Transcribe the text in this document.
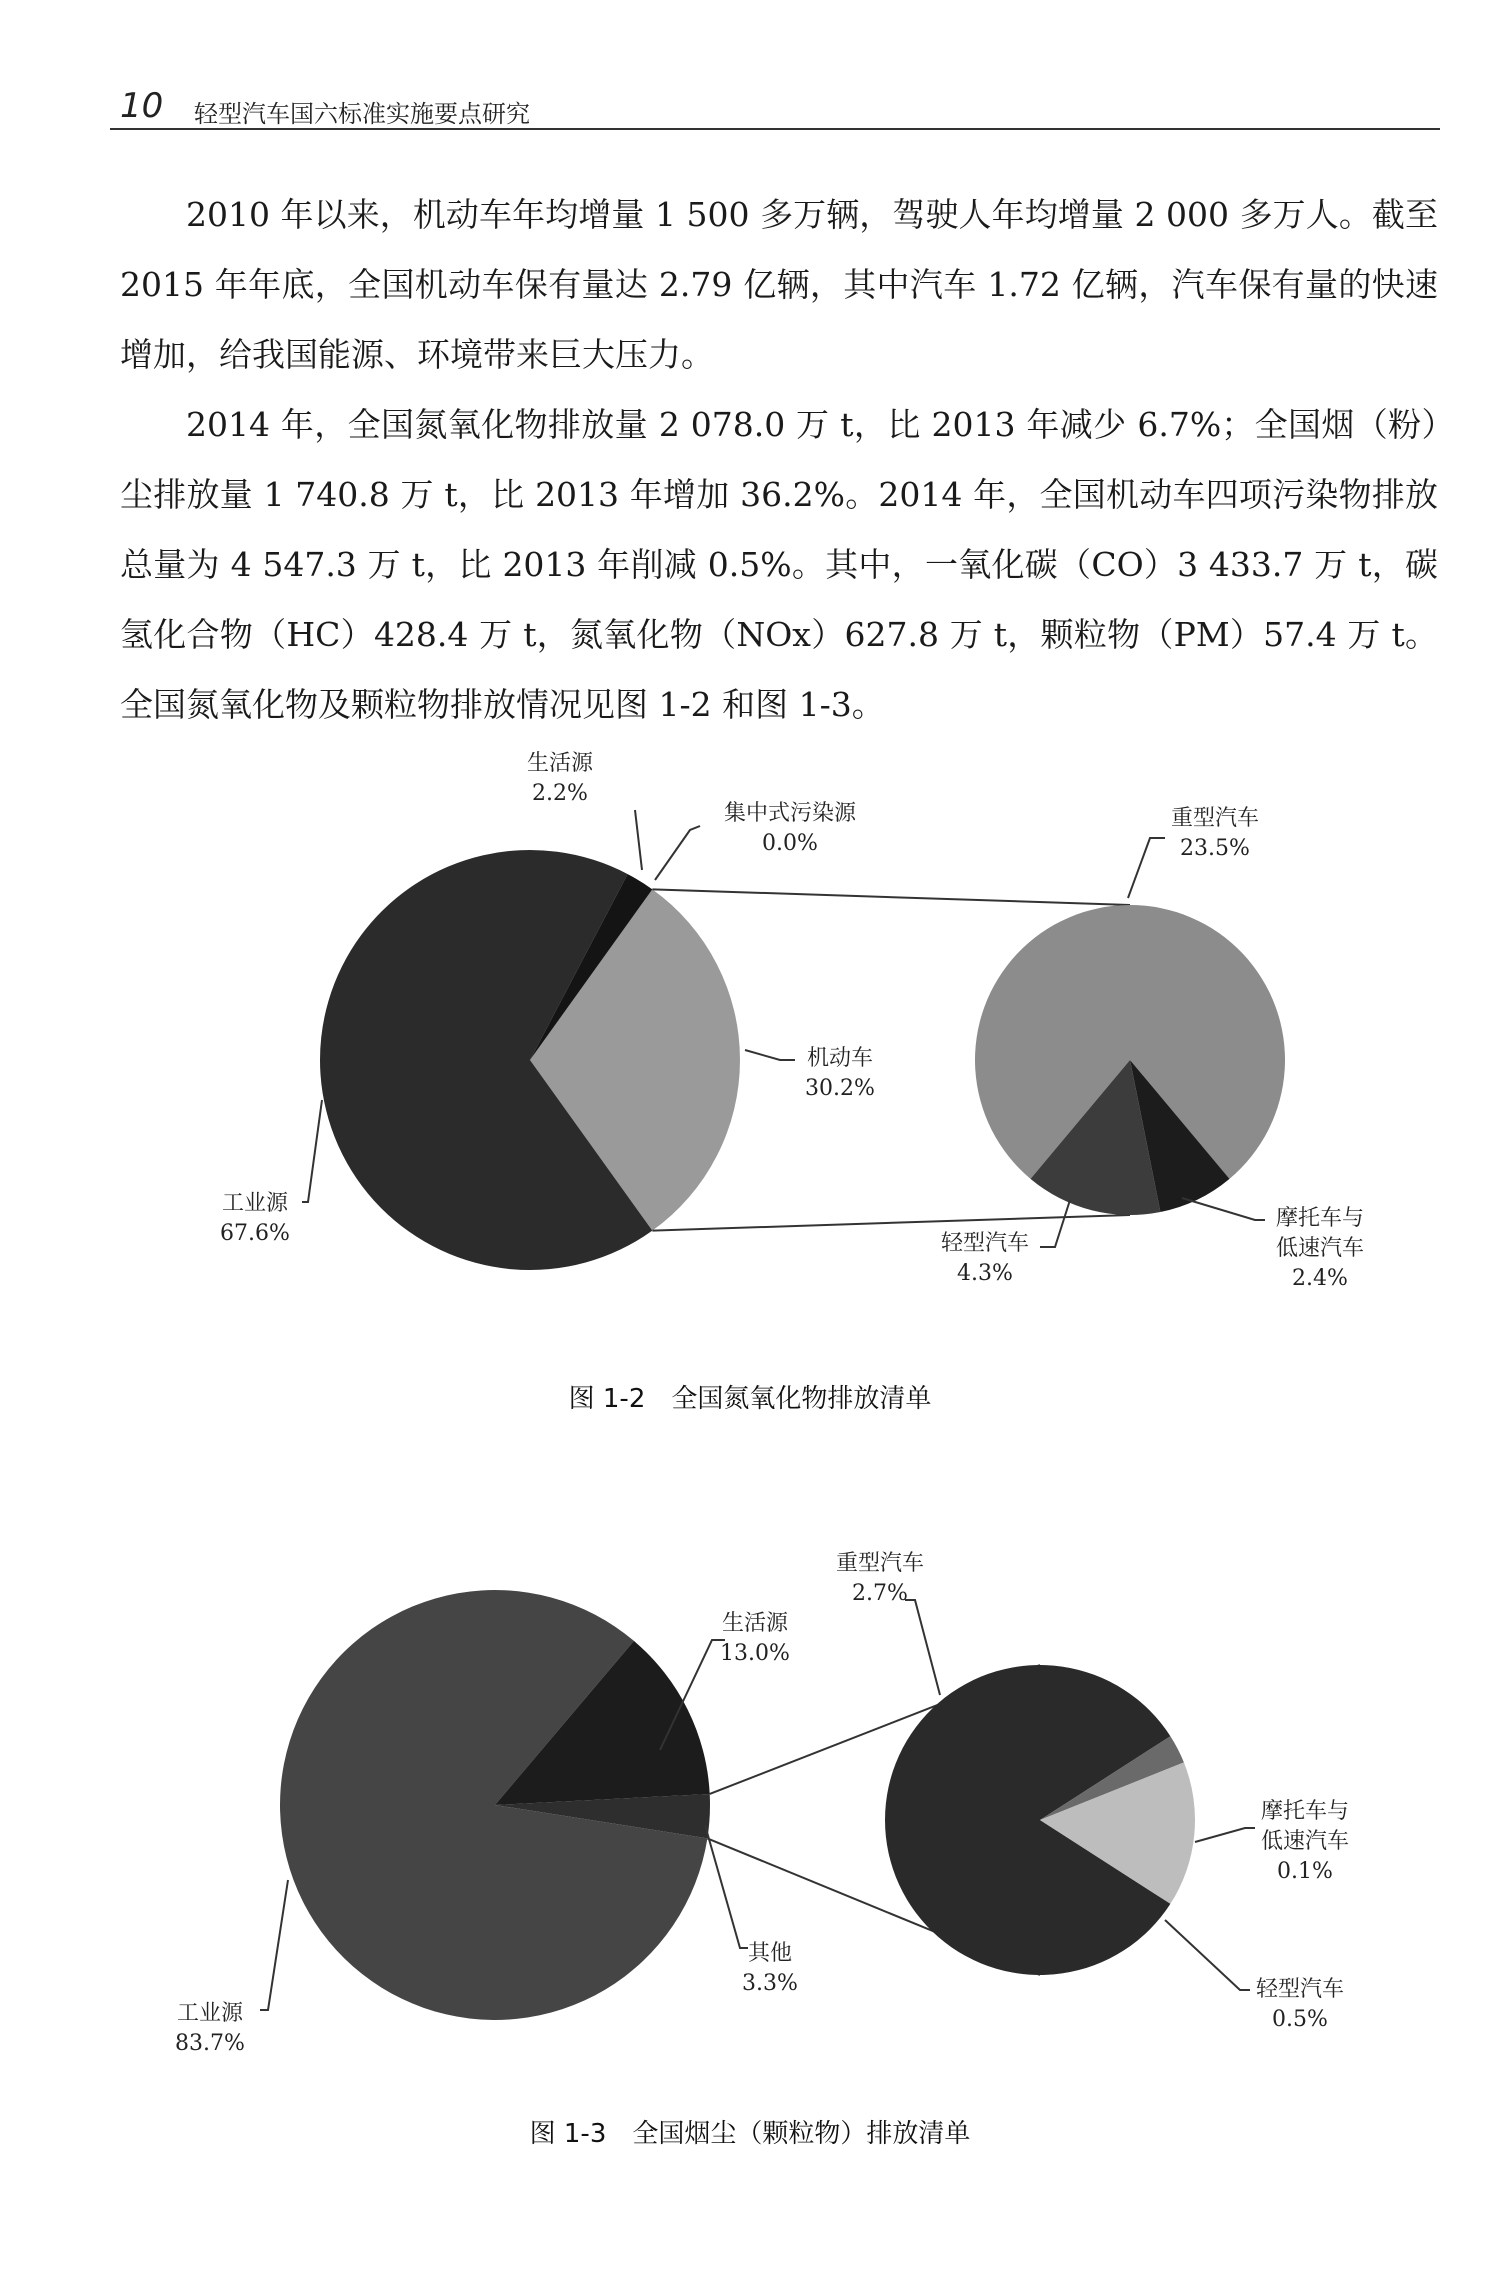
10 轻型汽车国六标准实施要点研究
2010 年以来，机动车年均增量 1 500 多万辆，驾驶人年均增量 2 000 多万人。截至 2015 年年底，全国机动车保有量达 2.79 亿辆，其中汽车 1.72 亿辆，汽车保有量的快速增加，给我国能源、环境带来巨大压力。
2014 年，全国氮氧化物排放量 2 078.0 万 t，比 2013 年减少 6.7%；全国烟（粉）尘排放量 1 740.8 万 t，比 2013 年增加 36.2%。2014 年，全国机动车四项污染物排放总量为 4 547.3 万 t，比 2013 年削减 0.5%。其中，一氧化碳（CO）3 433.7 万 t，碳氢化合物（HC）428.4 万 t，氮氧化物（NOx）627.8 万 t，颗粒物（PM）57.4 万 t。全国氮氧化物及颗粒物排放情况见图 1-2 和图 1-3。
工业源 67.6%
生活源 2.2%
集中式污染源 0.0%
机动车 30.2%
重型汽车 23.5%
摩托车与低速汽车 2.4%
轻型汽车 4.3%
图 1-2　全国氮氧化物排放清单
工业源 83.7%
生活源 13.0%
其他 3.3%
重型汽车 2.7%
摩托车与低速汽车 0.1%
轻型汽车 0.5%
图 1-3　全国烟尘（颗粒物）排放清单
